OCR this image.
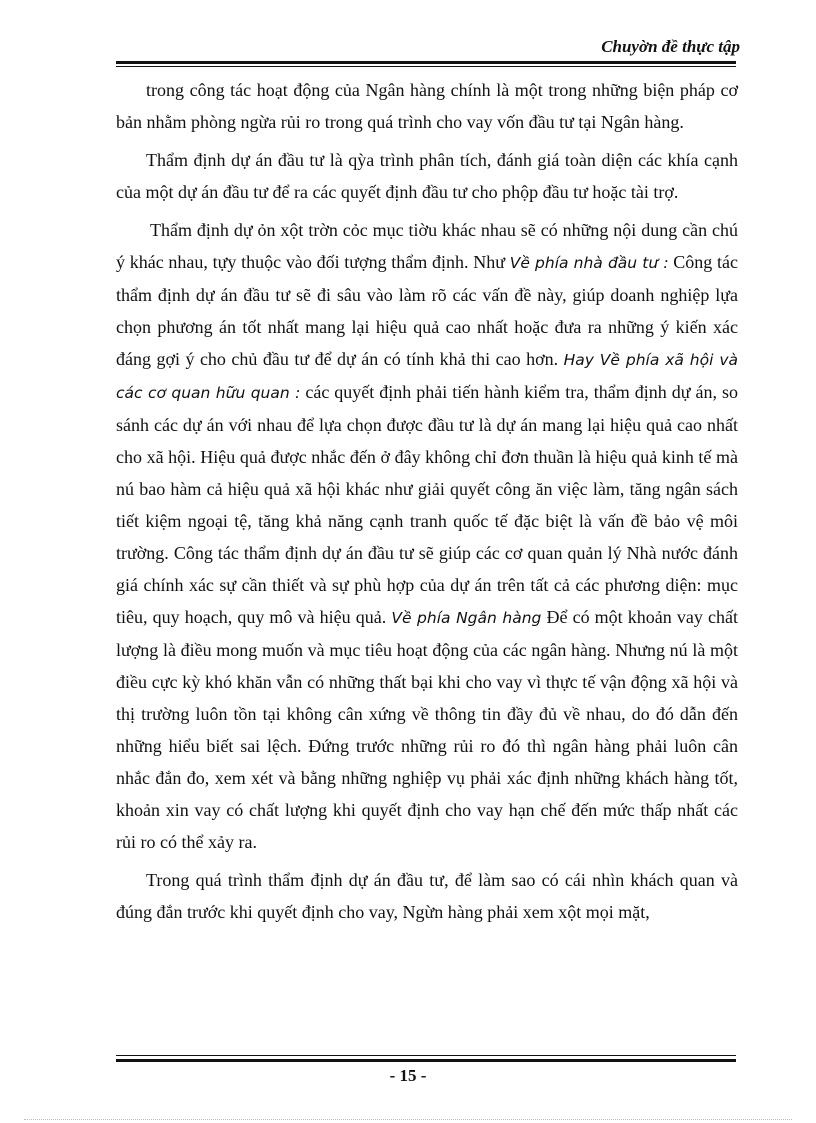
Chuyờn đề thực tập

trong công tác hoạt động của Ngân hàng chính là một trong những biện pháp cơ bản nhằm phòng ngừa rủi ro trong quá trình cho vay vốn đầu tư tại Ngân hàng.

Thẩm định dự án đầu tư là qỳa trình phân tích, đánh giá toàn diện các khía cạnh của một dự án đầu tư để ra các quyết định đầu tư cho phộp đầu tư hoặc tài trợ.

Thẩm định dự ỏn xột trờn cỏc mục tiờu khác nhau sẽ có những nội dung cần chú ý khác nhau, tựy thuộc vào đối tượng thẩm định. Như Về phía nhà đầu tư : Công tác thẩm định dự án đầu tư sẽ đi sâu vào làm rõ các vấn đề này, giúp doanh nghiệp lựa chọn phương án tốt nhất mang lại hiệu quả cao nhất hoặc đưa ra những ý kiến xác đáng gợi ý cho chủ đầu tư để dự án có tính khả thi cao hơn. Hay Về phía xã hội và các cơ quan hữu quan : các quyết định phải tiến hành kiểm tra, thẩm định dự án, so sánh các dự án với nhau để lựa chọn được đầu tư là dự án mang lại hiệu quả cao nhất cho xã hội. Hiệu quả được nhắc đến ở đây không chỉ đơn thuần là hiệu quả kinh tế mà nú bao hàm cả hiệu quả xã hội khác như giải quyết công ăn việc làm, tăng ngân sách tiết kiệm ngoại tệ, tăng khả năng cạnh tranh quốc tế đặc biệt là vấn đề bảo vệ môi trường. Công tác thẩm định dự án đầu tư sẽ giúp các cơ quan quản lý Nhà nước đánh giá chính xác sự cần thiết và sự phù hợp của dự án trên tất cả các phương diện: mục tiêu, quy hoạch, quy mô và hiệu quả. Về phía Ngân hàng Để có một khoản vay chất lượng là điều mong muốn và mục tiêu hoạt động của các ngân hàng. Nhưng nú là một điều cực kỳ khó khăn vẫn có những thất bại khi cho vay vì thực tế vận động xã hội và thị trường luôn tồn tại không cân xứng về thông tin đầy đủ về nhau, do đó dẫn đến những hiểu biết sai lệch. Đứng trước những rủi ro đó thì ngân hàng phải luôn cân nhắc đắn đo, xem xét và bằng những nghiệp vụ phải xác định những khách hàng tốt, khoản xin vay có chất lượng khi quyết định cho vay hạn chế đến mức thấp nhất các rủi ro có thể xảy ra.

Trong quá trình thẩm định dự án đầu tư, để làm sao có cái nhìn khách quan và đúng đắn trước khi quyết định cho vay, Ngừn hàng phải xem xột mọi mặt,

- 15 -
